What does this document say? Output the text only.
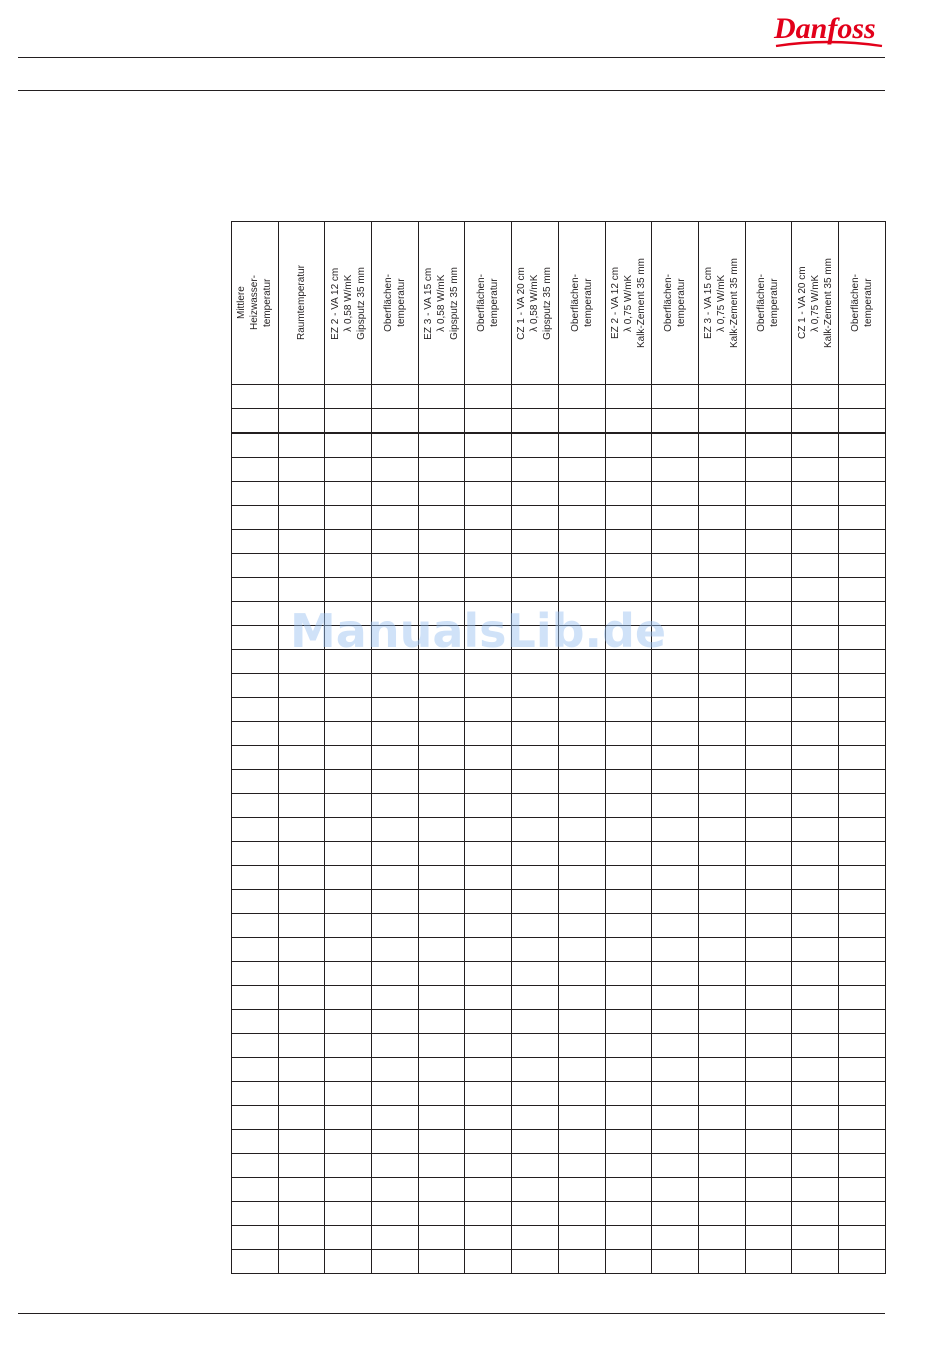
Danfoss
Mittlere
Heizwasser-
temperatur	Raumtemperatur	EZ 2 - VA 12 cm
λ 0,58 W/mK
Gipsputz 35 mm	Oberflächen-
temperatur	EZ 3 - VA 15 cm
λ 0,58 W/mK
Gipsputz 35 mm	Oberflächen-
temperatur	CZ 1 - VA 20 cm
λ 0,58 W/mK
Gipsputz 35 mm	Oberflächen-
temperatur	EZ 2 - VA 12 cm
λ 0,75 W/mK
Kalk-Zement 35 mm	Oberflächen-
temperatur	EZ 3 - VA 15 cm
λ 0,75 W/mK
Kalk-Zement 35 mm	Oberflächen-
temperatur	CZ 1 - VA 20 cm
λ 0,75 W/mK
Kalk-Zement 35 mm	Oberflächen-
temperatur

ManualsLib.de
